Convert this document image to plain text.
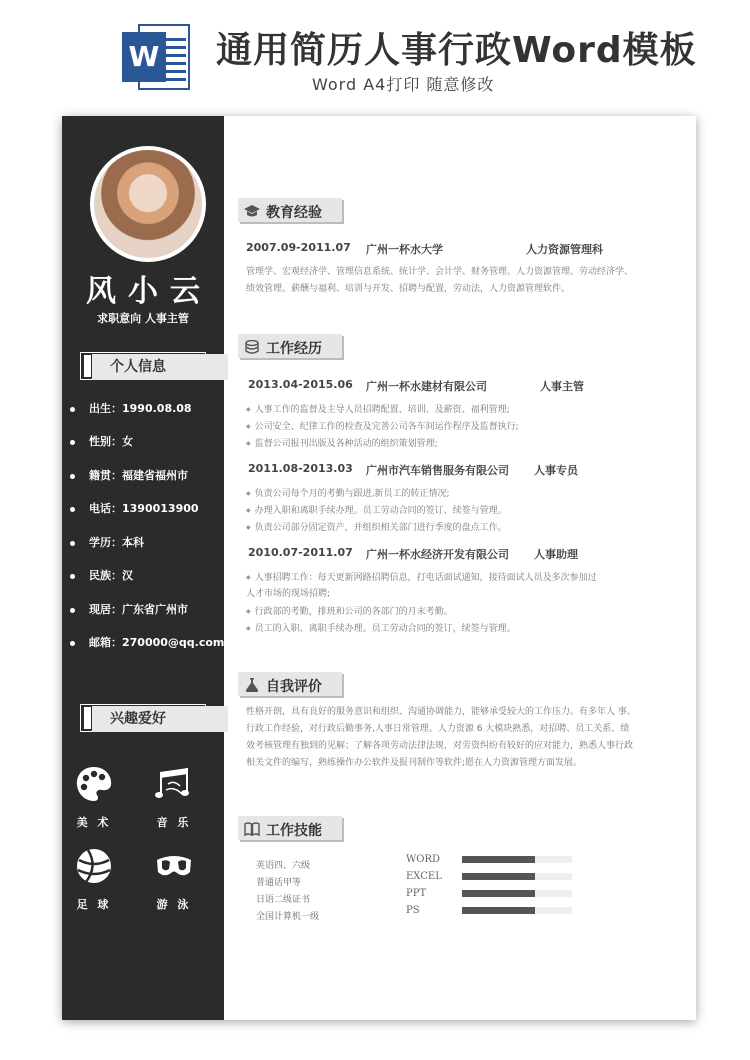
W 通用简历人事行政Word模板
Word A4打印 随意修改
风小云
求职意向 人事主管
个人信息
出生：1990.08.08
性别：女
籍贯：福建省福州市
电话：1390013900
学历：本科
民族：汉
现居：广东省广州市
邮箱：270000@qq.com
兴趣爱好
美 术	音 乐
足 球	游 泳
教育经验
2007.09-2011.07 广州一杯水大学	人力资源管理科
管理学、宏观经济学、管理信息系统、统计学、会计学、财务管理、人力资源管理、劳动经济学、
绩效管理、薪酬与福利、培训与开发、招聘与配置，劳动法，人力资源管理软件。
工作经历
2013.04-2015.06 广州一杯水建材有限公司	人事主管
◆ 人事工作的监督及主导人员招聘配置、培训、及薪资、福利管理;
◆ 公司安全、纪律工作的检查及完善公司各车间运作程序及监督执行;
◆ 监督公司报刊出版及各种活动的组织策划管理;
2011.08-2013.03 广州市汽车销售服务有限公司 人事专员
◆ 负责公司每个月的考勤与跟进,新员工的转正情况;
◆ 办理入职和离职手续办理。员工劳动合同的签订、续签与管理。
◆ 负责公司部分固定资产，并组织相关部门进行季度的盘点工作。
2010.07-2011.07 广州一杯水经济开发有限公司 人事助理
◆ 人事招聘工作：每天更新网路招聘信息，打电话面试通知，接待面试人员及多次参加过
人才市场的现场招聘;
◆ 行政部的考勤，排班和公司的各部门的月末考勤。
◆ 员工的入职、离职手续办理。员工劳动合同的签订，续签与管理。
自我评价
性格开朗，具有良好的服务意识和组织、沟通协调能力，能够承受较大的工作压力。有多年人 事、
行政工作经验，对行政后勤事务,人事日常管理、人力资源 6 大模块熟悉，对招聘、员工关系、绩
效考核管理有独到的见解；了解各项劳动法律法规，对劳资纠纷有较好的应对能力，熟悉人事行政
相关文件的编写，熟练操作办公软件及报刊制作等软件;愿在人力资源管理方面发展。
工作技能
英语四、六级
普通话甲等
日语二级证书
全国计算机一级
WORD
EXCEL
PPT
PS
